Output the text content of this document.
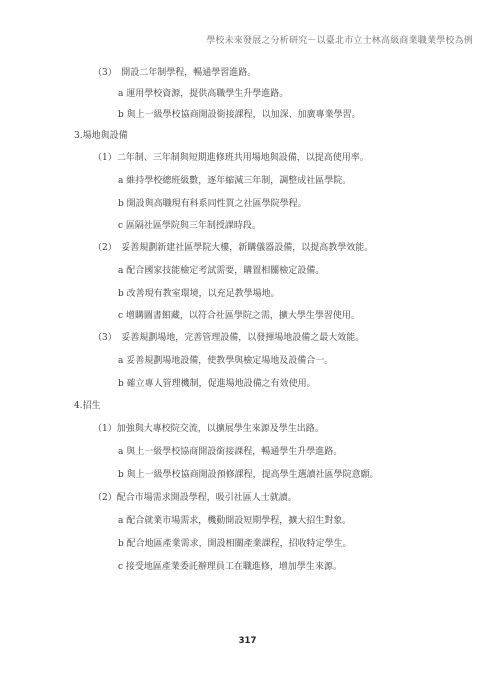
學校未來發展之分析研究－以臺北市立士林高級商業職業學校為例
（3）　開設二年制學程，暢通學習進路。
a 運用學校資源，提供高職學生升學進路。
b 與上一級學校協商開設銜接課程，以加深、加廣專業學習。
3.場地與設備
（1）二年制、三年制與短期進修班共用場地與設備，以提高使用率。
a 維持學校總班級數，逐年縮減三年制，調整成社區學院。
b 開設與高職現有科系同性質之社區學院學程。
c 區隔社區學院與三年制授課時段。
（2）　妥善規劃新建社區學院大樓，新購儀器設備，以提高教學效能。
a 配合國家技能檢定考試需要，購置相關檢定設備。
b 改善現有教室環境，以充足教學場地。
c 增購圖書館藏，以符合社區學院之需，擴大學生學習使用。
（3）　妥善規劃場地，完善管理設備，以發揮場地設備之最大效能。
a 妥善規劃場地設備，使教學與檢定場地及設備合一。
b 確立專人管理機制，促進場地設備之有效使用。
4.招生
（1）加強與大專校院交流，以擴展學生來源及學生出路。
a 與上一級學校協商開設銜接課程，暢通學生升學進路。
b 與上一級學校協商開設預修課程，提高學生選讀社區學院意願。
（2）配合市場需求開設學程，吸引社區人士就讀。
a 配合就業市場需求，機動開設短期學程，擴大招生對象。
b 配合地區產業需求，開設相關產業課程，招收特定學生。
c 接受地區產業委託辦理員工在職進修，增加學生來源。
317
